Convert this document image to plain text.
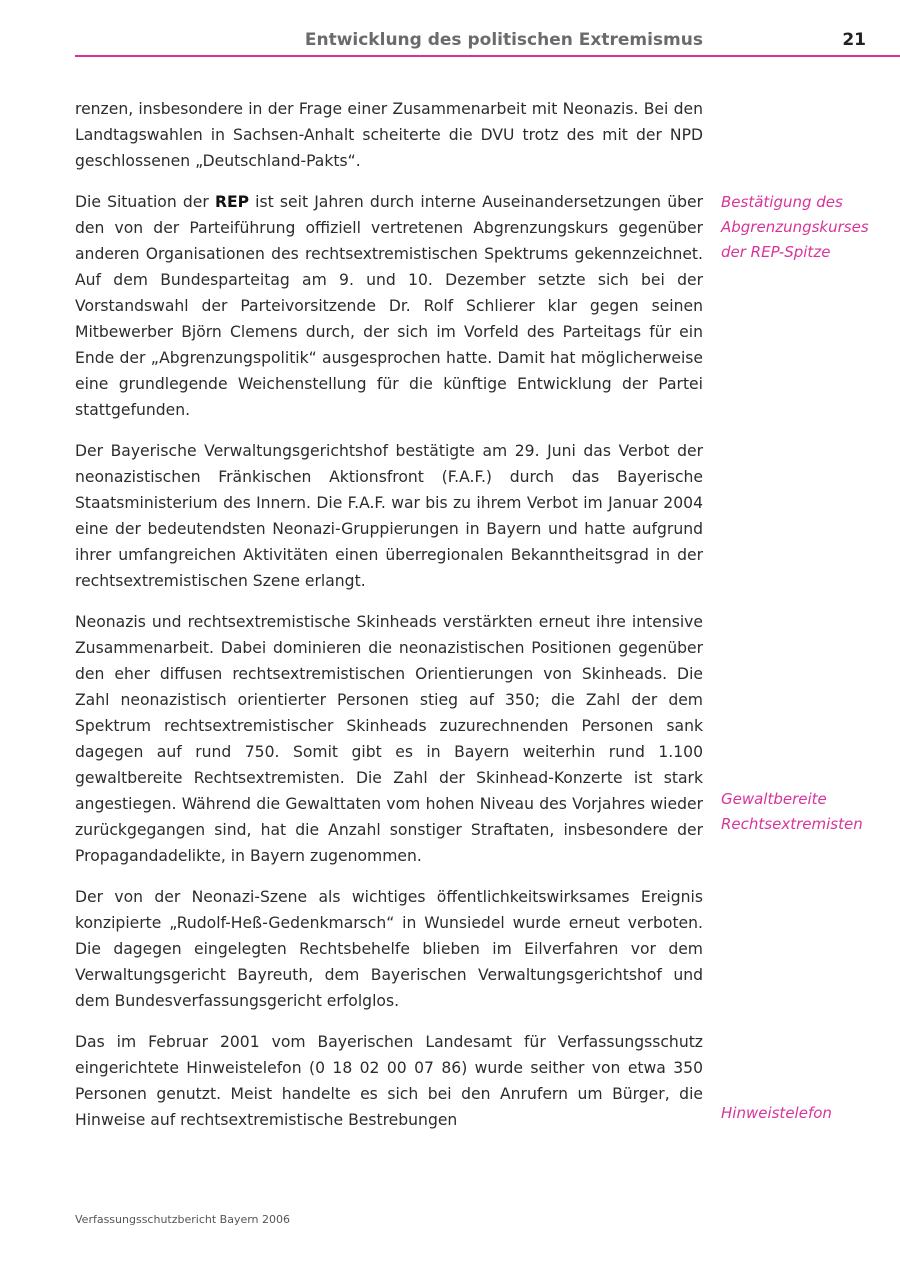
Entwicklung des politischen Extremismus	21

renzen, insbesondere in der Frage einer Zusammenarbeit mit Neonazis. Bei den Landtagswahlen in Sachsen-Anhalt scheiterte die DVU trotz des mit der NPD geschlossenen „Deutschland-Pakts“.

Die Situation der REP ist seit Jahren durch interne Auseinandersetzungen über den von der Parteiführung offiziell vertretenen Abgrenzungskurs gegenüber anderen Organisationen des rechtsextremistischen Spektrums gekennzeichnet. Auf dem Bundesparteitag am 9. und 10. Dezember setzte sich bei der Vorstandswahl der Parteivorsitzende Dr. Rolf Schlierer klar gegen seinen Mitbewerber Björn Clemens durch, der sich im Vorfeld des Parteitags für ein Ende der „Abgrenzungspolitik“ ausgesprochen hatte. Damit hat möglicherweise eine grundlegende Weichenstellung für die künftige Entwicklung der Partei stattgefunden.

Der Bayerische Verwaltungsgerichtshof bestätigte am 29. Juni das Verbot der neonazistischen Fränkischen Aktionsfront (F.A.F.) durch das Bayerische Staatsministerium des Innern. Die F.A.F. war bis zu ihrem Verbot im Januar 2004 eine der bedeutendsten Neonazi-Gruppierungen in Bayern und hatte aufgrund ihrer umfangreichen Aktivitäten einen überregionalen Bekanntheitsgrad in der rechtsextremistischen Szene erlangt.

Neonazis und rechtsextremistische Skinheads verstärkten erneut ihre intensive Zusammenarbeit. Dabei dominieren die neonazistischen Positionen gegenüber den eher diffusen rechtsextremistischen Orientierungen von Skinheads. Die Zahl neonazistisch orientierter Personen stieg auf 350; die Zahl der dem Spektrum rechtsextremistischer Skinheads zuzurechnenden Personen sank dagegen auf rund 750. Somit gibt es in Bayern weiterhin rund 1.100 gewaltbereite Rechtsextremisten. Die Zahl der Skinhead-Konzerte ist stark angestiegen. Während die Gewalttaten vom hohen Niveau des Vorjahres wieder zurückgegangen sind, hat die Anzahl sonstiger Straftaten, insbesondere der Propagandadelikte, in Bayern zugenommen.

Der von der Neonazi-Szene als wichtiges öffentlichkeitswirksames Ereignis konzipierte „Rudolf-Heß-Gedenkmarsch“ in Wunsiedel wurde erneut verboten. Die dagegen eingelegten Rechtsbehelfe blieben im Eilverfahren vor dem Verwaltungsgericht Bayreuth, dem Bayerischen Verwaltungsgerichtshof und dem Bundesverfassungsgericht erfolglos.

Das im Februar 2001 vom Bayerischen Landesamt für Verfassungsschutz eingerichtete Hinweistelefon (0 18 02 00 07 86) wurde seither von etwa 350 Personen genutzt. Meist handelte es sich bei den Anrufern um Bürger, die Hinweise auf rechtsextremistische Bestrebungen

Bestätigung des
Abgrenzungskurses
der REP-Spitze
Gewaltbereite
Rechtsextremisten
Hinweistelefon
Verfassungsschutzbericht Bayern 2006
